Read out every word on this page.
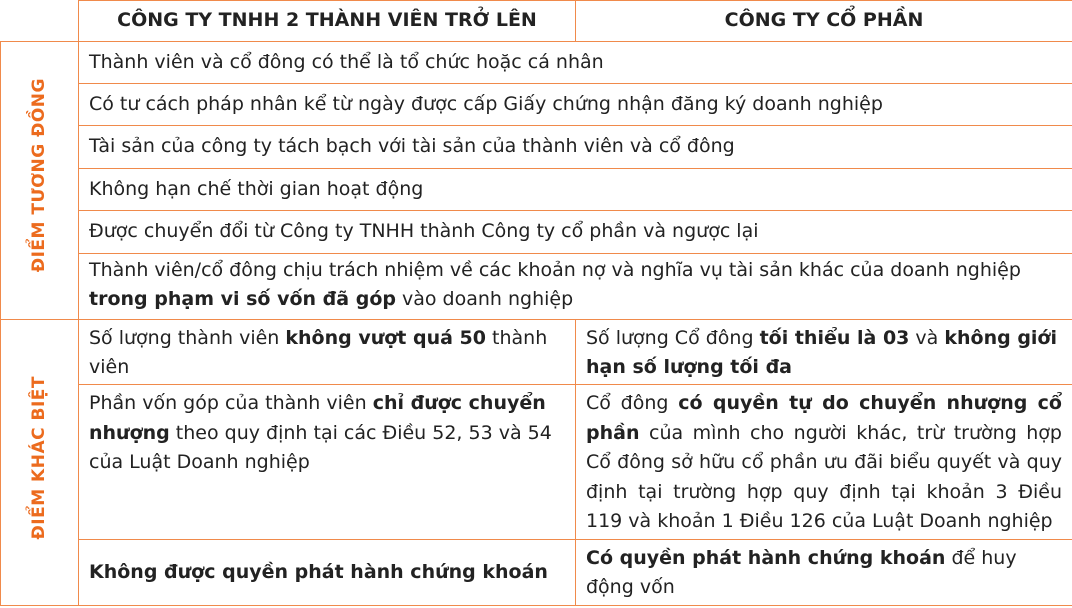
	CÔNG TY TNHH 2 THÀNH VIÊN TRỞ LÊN	CÔNG TY CỔ PHẦN
ĐIỂM TƯƠNG ĐỒNG	Thành viên và cổ đông có thể là tổ chức hoặc cá nhân	
	Có tư cách pháp nhân kể từ ngày được cấp Giấy chứng nhận đăng ký doanh nghiệp	
	Tài sản của công ty tách bạch với tài sản của thành viên và cổ đông	
	Không hạn chế thời gian hoạt động	
	Được chuyển đổi từ Công ty TNHH thành Công ty cổ phần và ngược lại	
	Thành viên/cổ đông chịu trách nhiệm về các khoản nợ và nghĩa vụ tài sản khác của doanh nghiệp trong phạm vi số vốn đã góp vào doanh nghiệp	
ĐIỂM KHÁC BIỆT	Số lượng thành viên không vượt quá 50 thành viên	Số lượng Cổ đông tối thiểu là 03 và không giới hạn số lượng tối đa
	Phần vốn góp của thành viên chỉ được chuyển nhượng theo quy định tại các Điều 52, 53 và 54 của Luật Doanh nghiệp	Cổ đông có quyền tự do chuyển nhượng cổ phần của mình cho người khác, trừ trường hợp Cổ đông sở hữu cổ phần ưu đãi biểu quyết và quy định tại trường hợp quy định tại khoản 3 Điều 119 và khoản 1 Điều 126 của Luật Doanh nghiệp
	Không được quyền phát hành chứng khoán	Có quyền phát hành chứng khoán để huy động vốn
